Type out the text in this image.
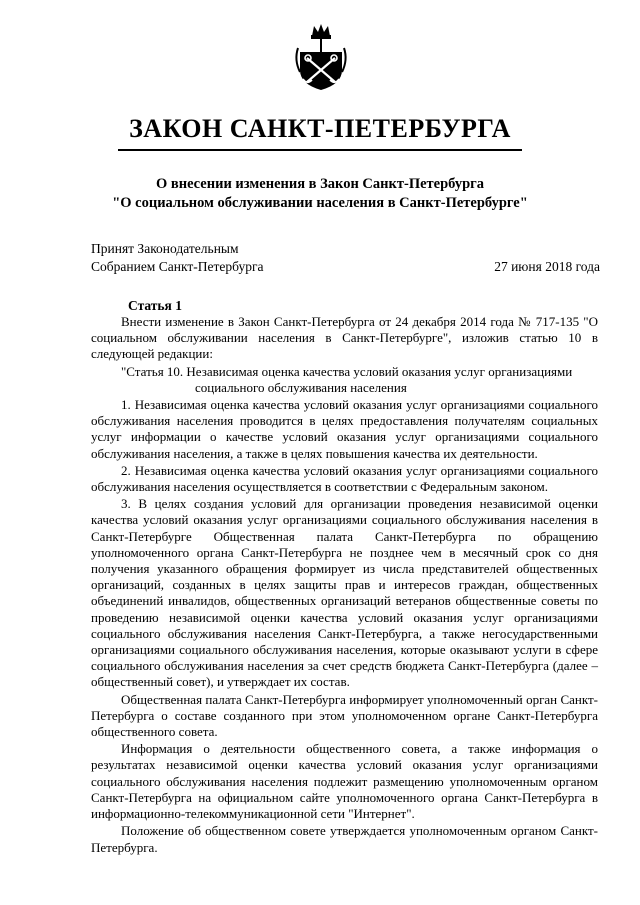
ЗАКОН САНКТ-ПЕТЕРБУРГА
О внесении изменения в Закон Санкт-Петербурга
"О социальном обслуживании населения в Санкт-Петербурге"
Принят Законодательным
Собранием Санкт-Петербурга	27 июня 2018 года
Статья 1

Внести изменение в Закон Санкт-Петербурга от 24 декабря 2014 года № 717-135 "О социальном обслуживании населения в Санкт-Петербурге", изложив статью 10 в следующей редакции:

"Статья 10. Независимая оценка качества условий оказания услуг организациями
социального обслуживания населения

1. Независимая оценка качества условий оказания услуг организациями социального обслуживания населения проводится в целях предоставления получателям социальных услуг информации о качестве условий оказания услуг организациями социального обслуживания населения, а также в целях повышения качества их деятельности.

2. Независимая оценка качества условий оказания услуг организациями социального обслуживания населения осуществляется в соответствии с Федеральным законом.

3. В целях создания условий для организации проведения независимой оценки качества условий оказания услуг организациями социального обслуживания населения в Санкт-Петербурге Общественная палата Санкт-Петербурга по обращению уполномоченного органа Санкт-Петербурга не позднее чем в месячный срок со дня получения указанного обращения формирует из числа представителей общественных организаций, созданных в целях защиты прав и интересов граждан, общественных объединений инвалидов, общественных организаций ветеранов общественные советы по проведению независимой оценки качества условий оказания услуг организациями социального обслуживания населения Санкт-Петербурга, а также негосударственными организациями социального обслуживания населения, которые оказывают услуги в сфере социального обслуживания населения за счет средств бюджета Санкт-Петербурга (далее – общественный совет), и утверждает их состав.

Общественная палата Санкт-Петербурга информирует уполномоченный орган Санкт-Петербурга о составе созданного при этом уполномоченном органе Санкт-Петербурга общественного совета.

Информация о деятельности общественного совета, а также информация о результатах независимой оценки качества условий оказания услуг организациями социального обслуживания населения подлежит размещению уполномоченным органом Санкт-Петербурга на официальном сайте уполномоченного органа Санкт-Петербурга в информационно-телекоммуникационной сети "Интернет".

Положение об общественном совете утверждается уполномоченным органом Санкт-Петербурга.
